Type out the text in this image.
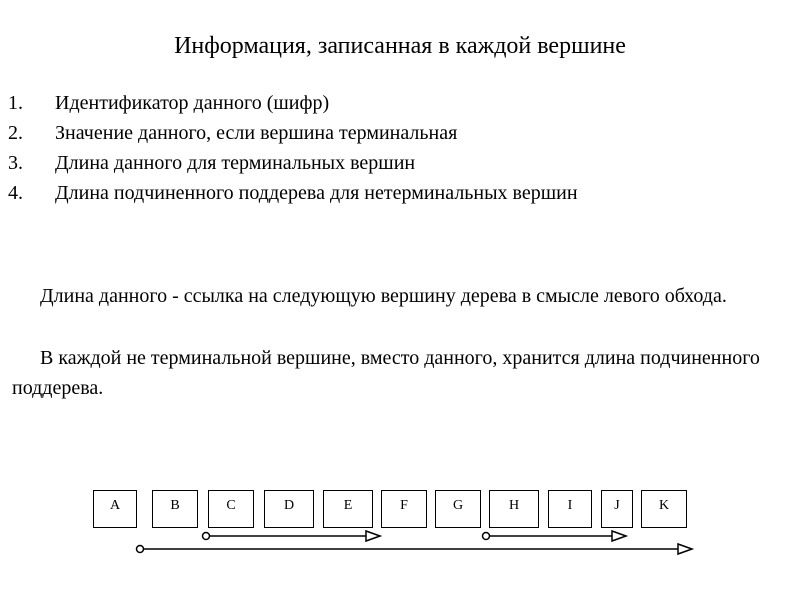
Информация, записанная в каждой вершине
1. Идентификатор данного (шифр)
2. Значение данного, если вершина терминальная
3. Длина данного для терминальных вершин
4. Длина подчиненного поддерева для нетерминальных вершин
Длина данного - ссылка на следующую вершину дерева в смысле левого обхода.
В каждой не терминальной вершине, вместо данного, хранится длина подчиненного поддерева.
A	B	C	D	E	F	G	H	I	J	K
